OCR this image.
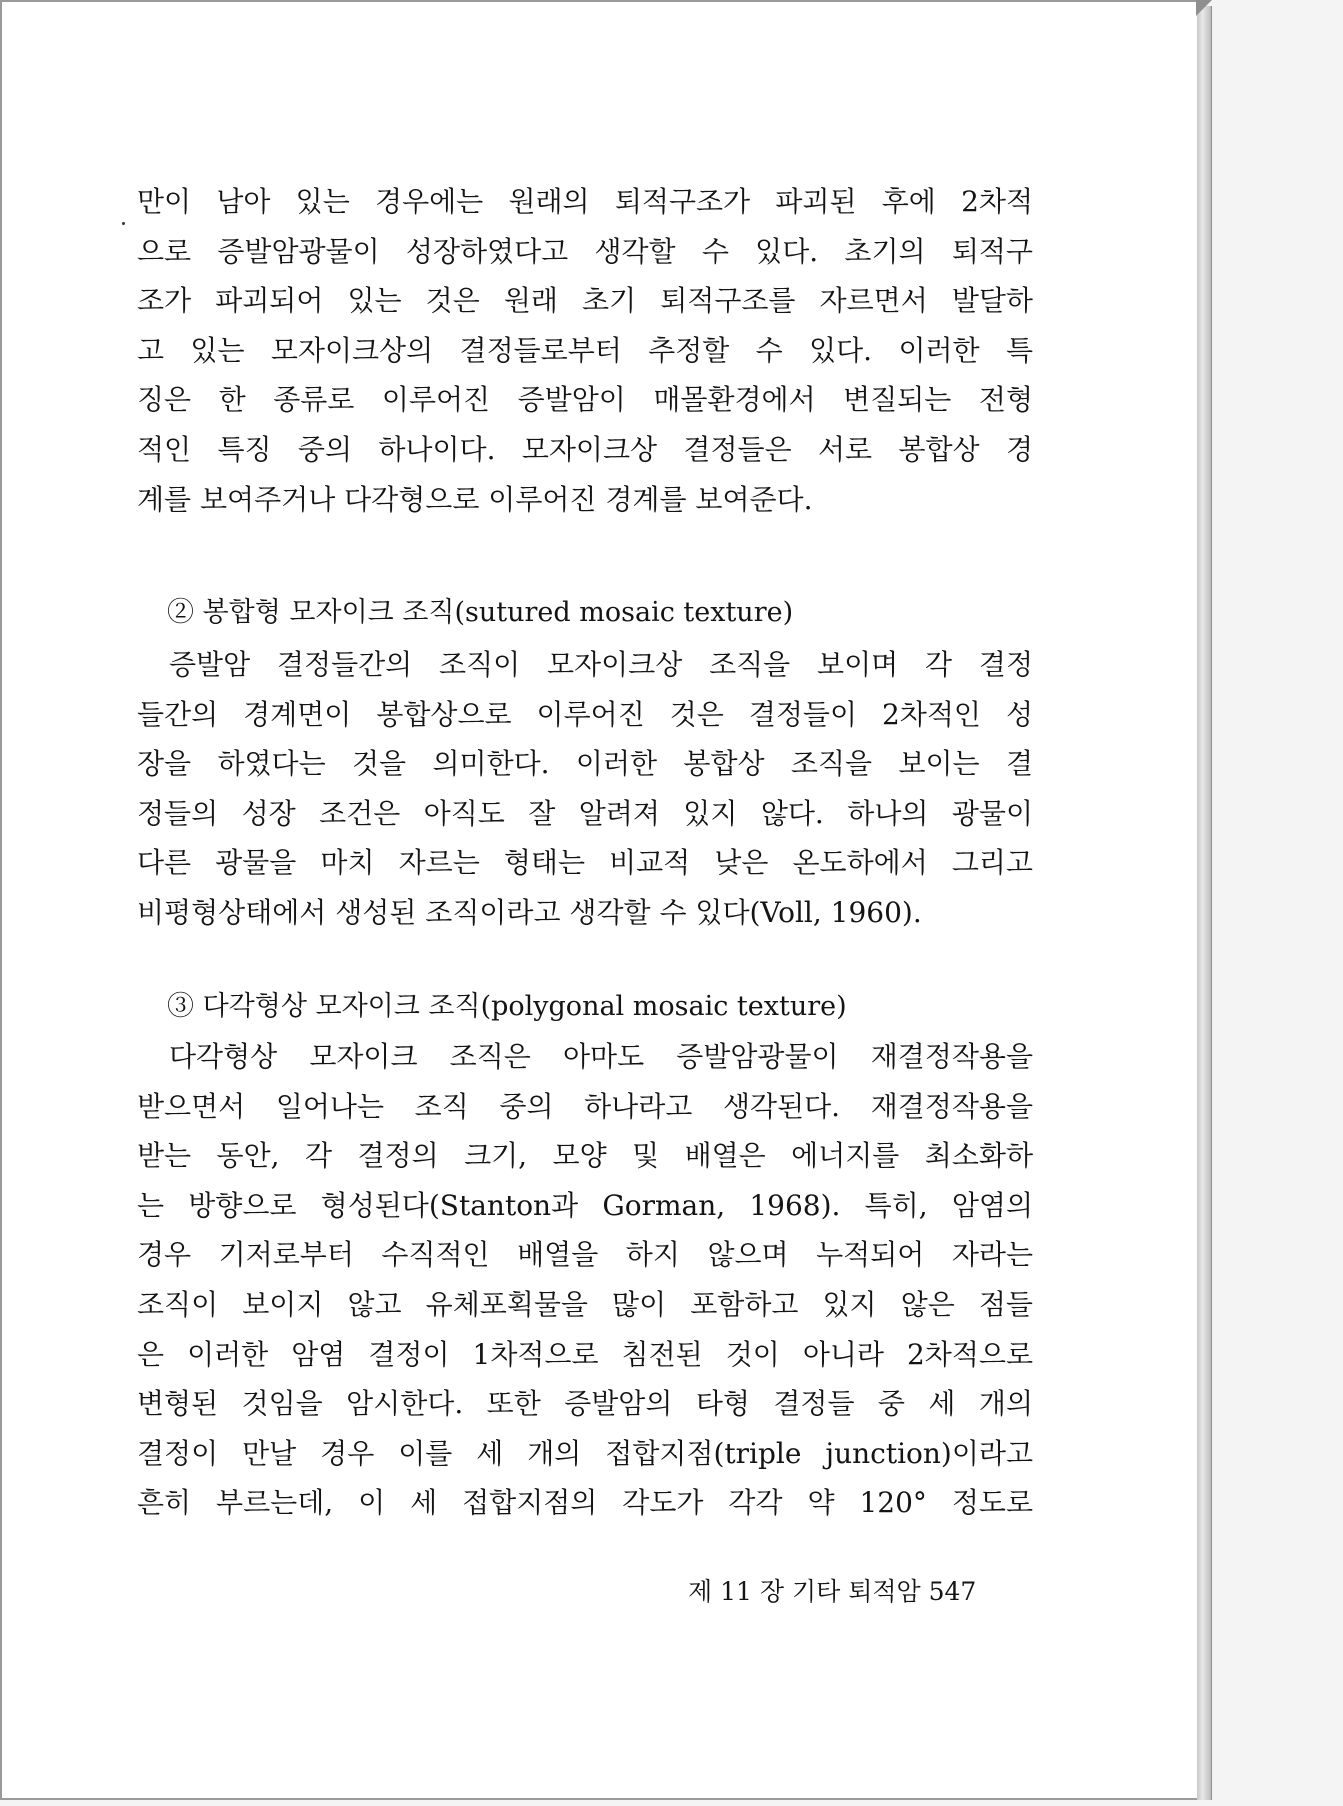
만이 남아 있는 경우에는 원래의 퇴적구조가 파괴된 후에 2차적
으로 증발암광물이 성장하였다고 생각할 수 있다. 초기의 퇴적구
조가 파괴되어 있는 것은 원래 초기 퇴적구조를 자르면서 발달하
고 있는 모자이크상의 결정들로부터 추정할 수 있다. 이러한 특
징은 한 종류로 이루어진 증발암이 매몰환경에서 변질되는 전형
적인 특징 중의 하나이다. 모자이크상 결정들은 서로 봉합상 경
계를 보여주거나 다각형으로 이루어진 경계를 보여준다.
② 봉합형 모자이크 조직(sutured mosaic texture)
증발암 결정들간의 조직이 모자이크상 조직을 보이며 각 결정
들간의 경계면이 봉합상으로 이루어진 것은 결정들이 2차적인 성
장을 하였다는 것을 의미한다. 이러한 봉합상 조직을 보이는 결
정들의 성장 조건은 아직도 잘 알려져 있지 않다. 하나의 광물이
다른 광물을 마치 자르는 형태는 비교적 낮은 온도하에서 그리고
비평형상태에서 생성된 조직이라고 생각할 수 있다(Voll, 1960).
③ 다각형상 모자이크 조직(polygonal mosaic texture)
다각형상 모자이크 조직은 아마도 증발암광물이 재결정작용을
받으면서 일어나는 조직 중의 하나라고 생각된다. 재결정작용을
받는 동안, 각 결정의 크기, 모양 및 배열은 에너지를 최소화하
는 방향으로 형성된다(Stanton과 Gorman, 1968). 특히, 암염의
경우 기저로부터 수직적인 배열을 하지 않으며 누적되어 자라는
조직이 보이지 않고 유체포획물을 많이 포함하고 있지 않은 점들
은 이러한 암염 결정이 1차적으로 침전된 것이 아니라 2차적으로
변형된 것임을 암시한다. 또한 증발암의 타형 결정들 중 세 개의
결정이 만날 경우 이를 세 개의 접합지점(triple junction)이라고
흔히 부르는데, 이 세 접합지점의 각도가 각각 약 120° 정도로
제 11 장 기타 퇴적암 547
